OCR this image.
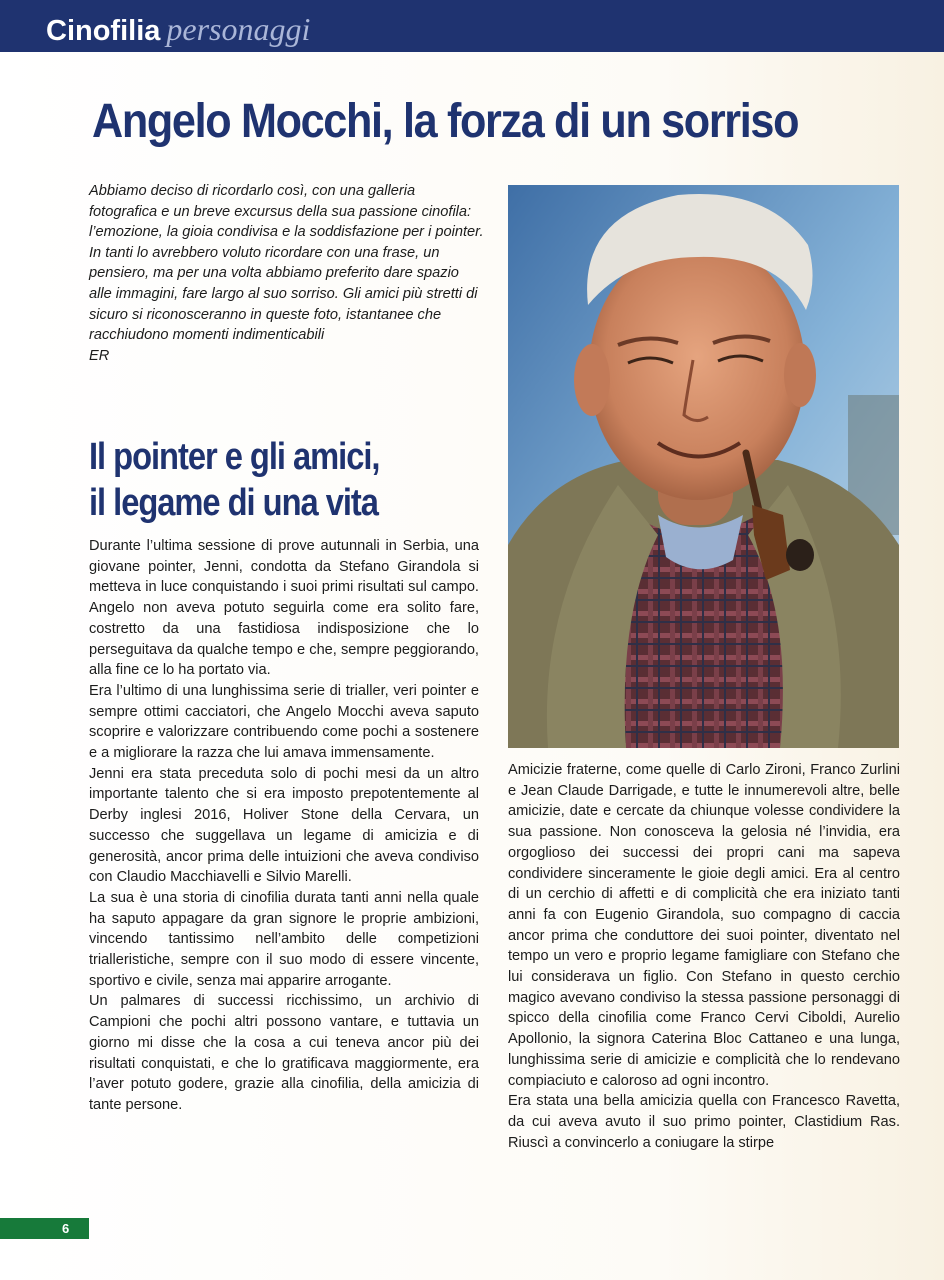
Cinofilia personaggi
Angelo Mocchi, la forza di un sorriso

Abbiamo deciso di ricordarlo così, con una galleria fotografica e un breve excursus della sua passione cinofila: l’emozione, la gioia condivisa e la soddisfazione per i pointer.

In tanti lo avrebbero voluto ricordare con una frase, un pensiero, ma per una volta abbiamo preferito dare spazio alle immagini, fare largo al suo sorriso. Gli amici più stretti di sicuro si riconosceranno in queste foto, istantanee che racchiudono momenti indimenticabili

ER

Il pointer e gli amici,
il legame di una vita

Durante l’ultima sessione di prove autunnali in Serbia, una giovane pointer, Jenni, condotta da Stefano Girandola si metteva in luce conquistando i suoi primi risultati sul campo. Angelo non aveva potuto seguirla come era solito fare, costretto da una fastidiosa indisposizione che lo perseguitava da qualche tempo e che, sempre peggiorando, alla fine ce lo ha portato via.

Era l’ultimo di una lunghissima serie di trialler, veri pointer e sempre ottimi cacciatori, che Angelo Mocchi aveva saputo scoprire e valorizzare contribuendo come pochi a sostenere e a migliorare la razza che lui amava immensamente.

Jenni era stata preceduta solo di pochi mesi da un altro importante talento che si era imposto prepotentemente al Derby inglesi 2016, Holiver Stone della Cervara, un successo che suggellava un legame di amicizia e di generosità, ancor prima delle intuizioni che aveva condiviso con Claudio Macchiavelli e Silvio Marelli.

La sua è una storia di cinofilia durata tanti anni nella quale ha saputo appagare da gran signore le proprie ambizioni, vincendo tantissimo nell’ambito delle competizioni trialleristiche, sempre con il suo modo di essere vincente, sportivo e civile, senza mai apparire arrogante.

Un palmares di successi ricchissimo, un archivio di Campioni che pochi altri possono vantare, e tuttavia un giorno mi disse che la cosa a cui teneva ancor più dei risultati conquistati, e che lo gratificava maggiormente, era l’aver potuto godere, grazie alla cinofilia, della amicizia di tante persone.

Amicizie fraterne, come quelle di Carlo Zironi, Franco Zurlini e Jean Claude Darrigade, e tutte le innumerevoli altre, belle amicizie, date e cercate da chiunque volesse condividere la sua passione. Non conosceva la gelosia né l’invidia, era orgoglioso dei successi dei propri cani ma sapeva condividere sinceramente le gioie degli amici. Era al centro di un cerchio di affetti e di complicità che era iniziato tanti anni fa con Eugenio Girandola, suo compagno di caccia ancor prima che conduttore dei suoi pointer, diventato nel tempo un vero e proprio legame famigliare con Stefano che lui considerava un figlio. Con Stefano in questo cerchio magico avevano condiviso la stessa passione personaggi di spicco della cinofilia come Franco Cervi Ciboldi, Aurelio Apollonio, la signora Caterina Bloc Cattaneo e una lunga, lunghissima serie di amicizie e complicità che lo rendevano compiaciuto e caloroso ad ogni incontro.

Era stata una bella amicizia quella con Francesco Ravetta, da cui aveva avuto il suo primo pointer, Clastidium Ras. Riuscì a convincerlo a coniugare la stirpe

6
